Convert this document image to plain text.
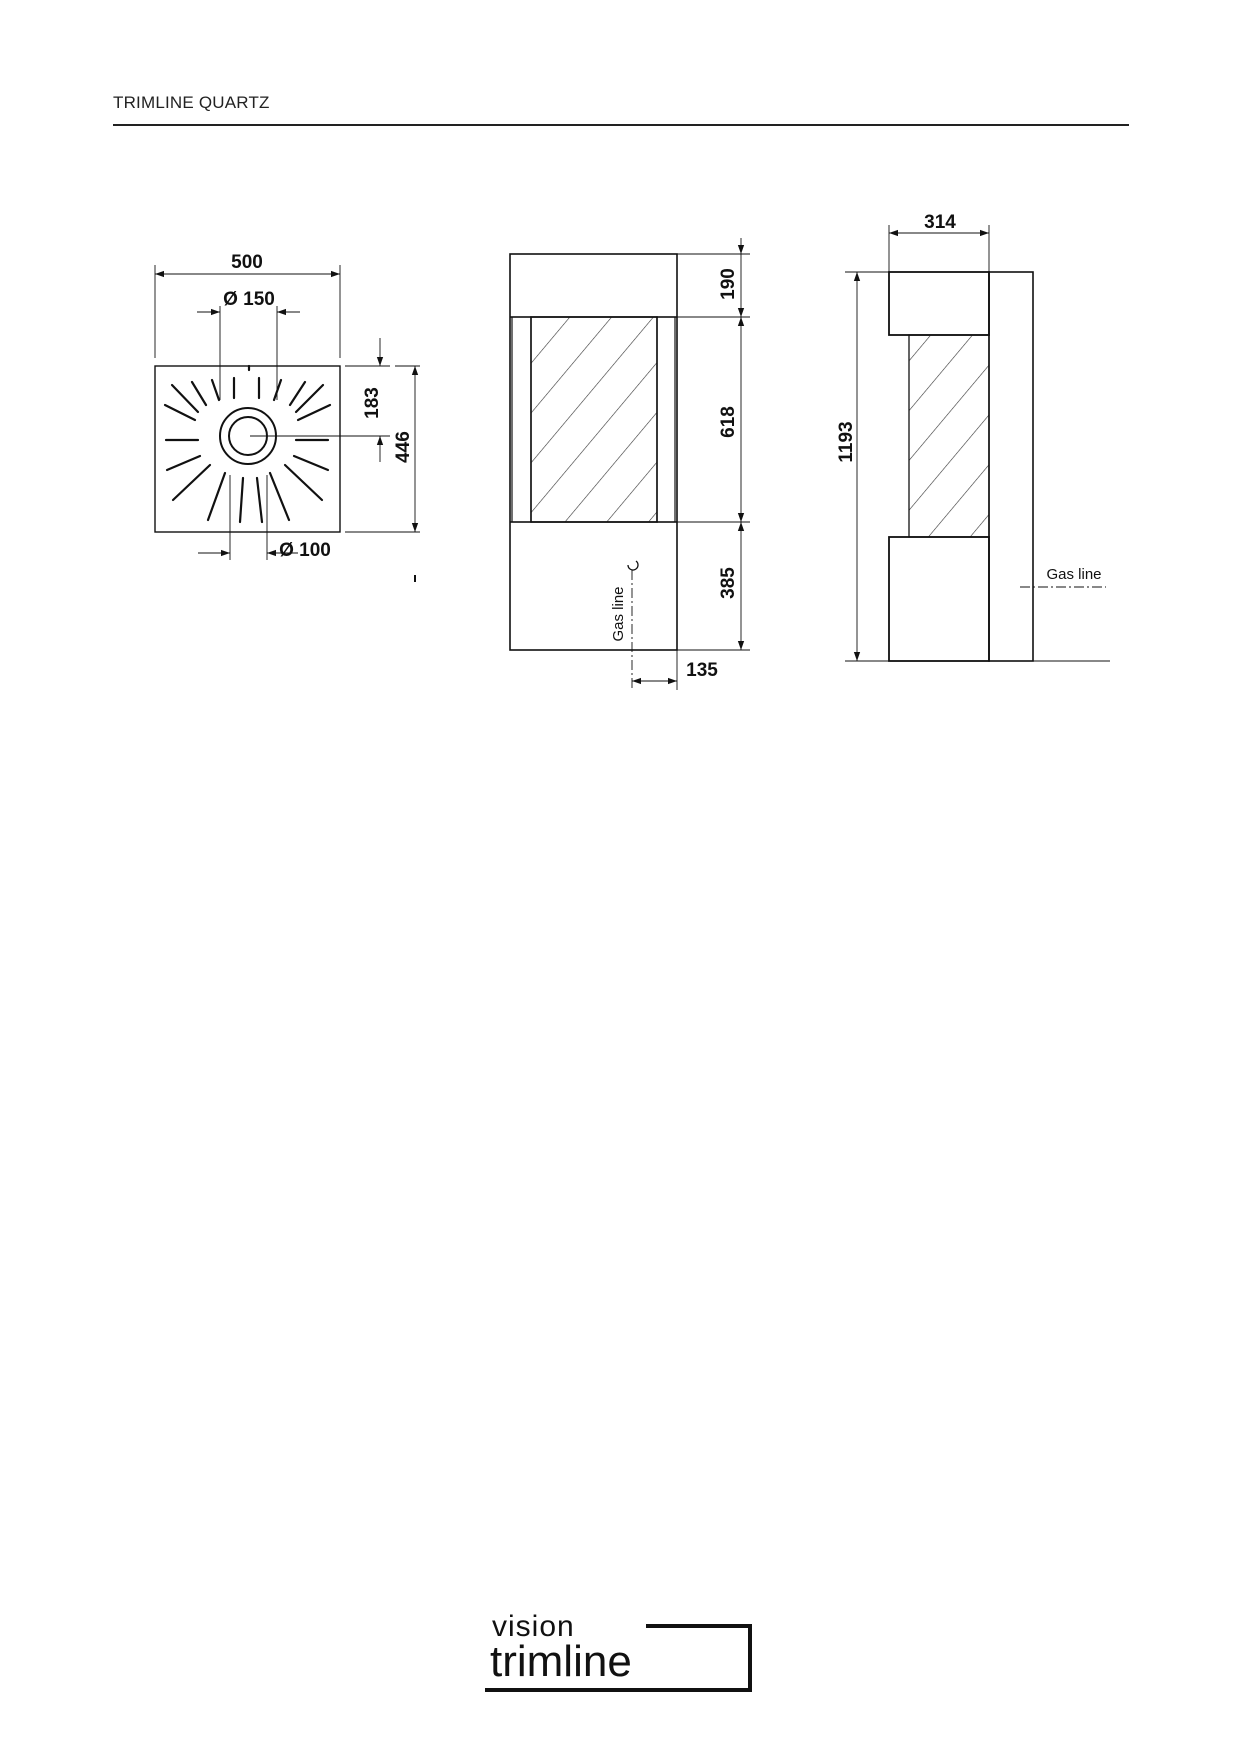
TRIMLINE QUARTZ
500
Ø 150
Ø 100
183
446
190
618
385
135
Gas line
314
1193
Gas line
vision
trimline
